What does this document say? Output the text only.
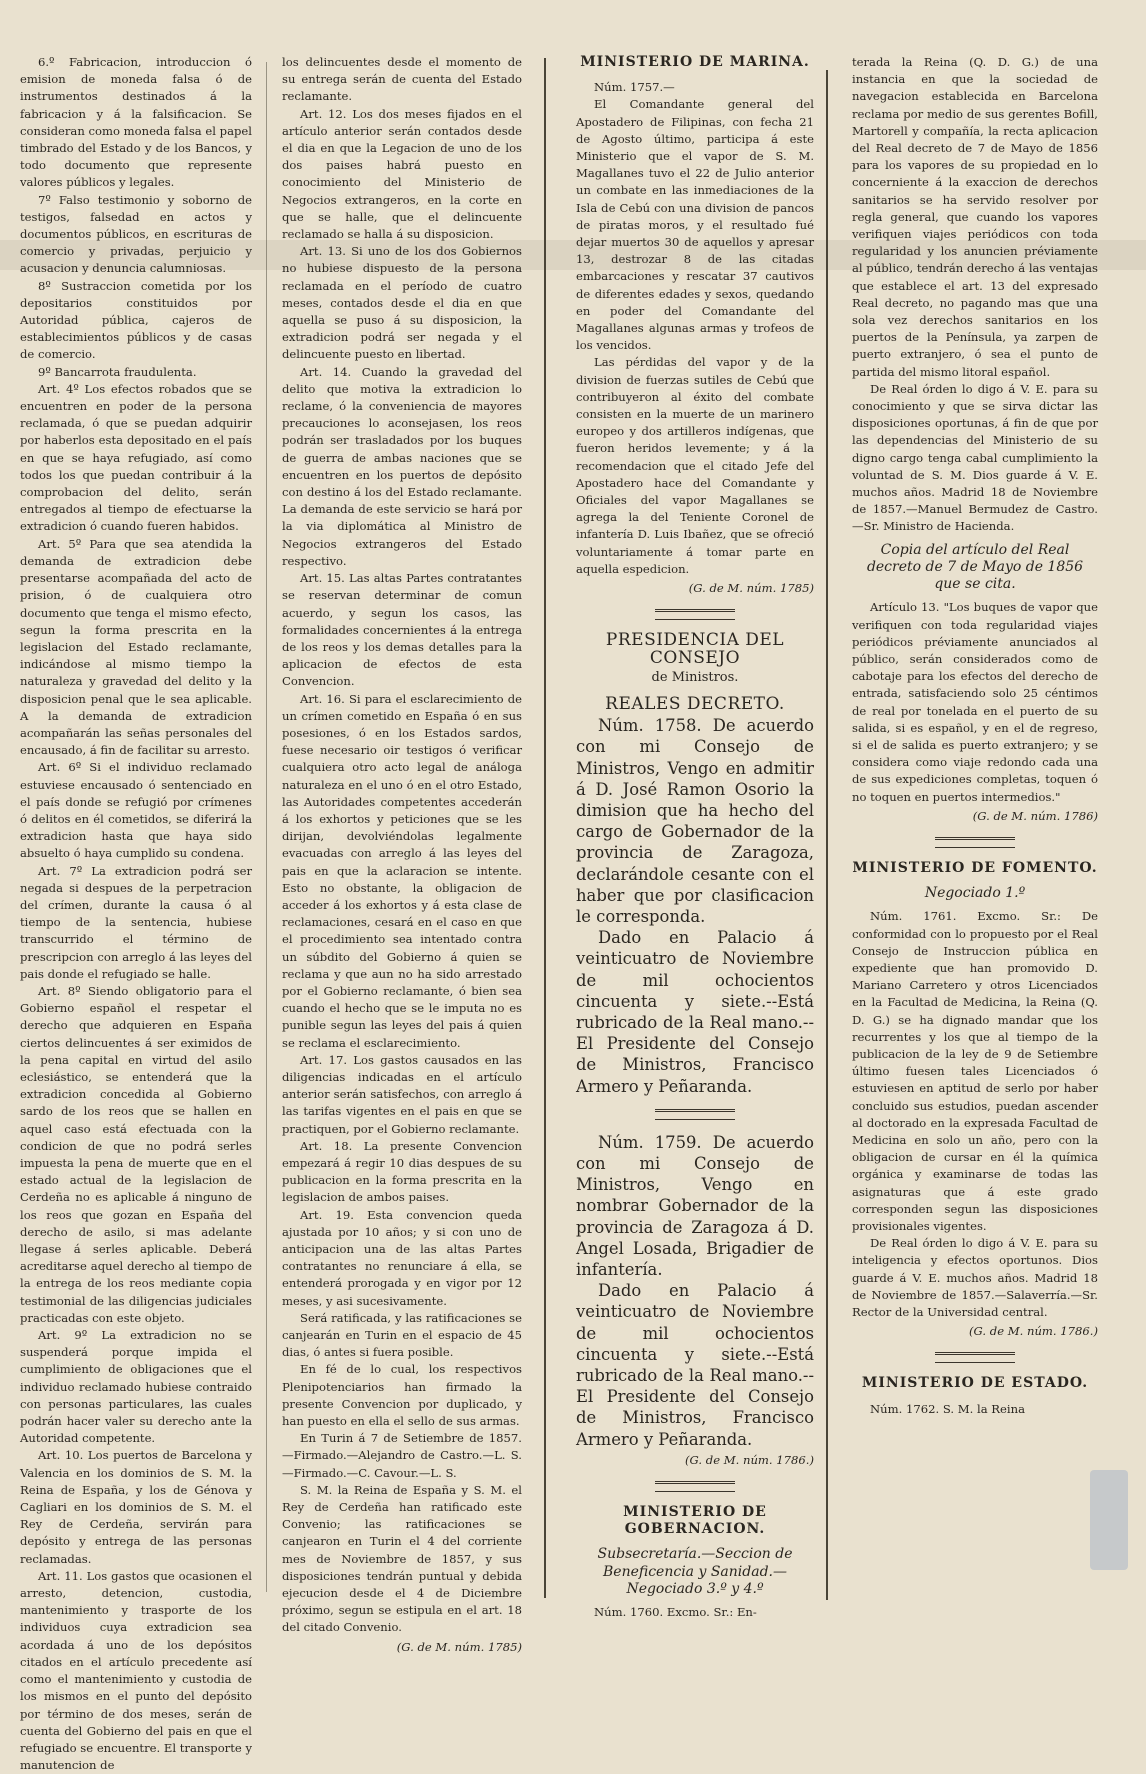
6.º Fabricacion, introduccion ó emision de moneda falsa ó de instrumentos destinados á la fabricacion y á la falsificacion. Se consideran como moneda falsa el papel timbrado del Estado y de los Bancos, y todo documento que represente valores públicos y legales.

7º Falso testimonio y soborno de testigos, falsedad en actos y documentos públicos, en escrituras de comercio y privadas, perjuicio y acusacion y denuncia calumniosas.

8º Sustraccion cometida por los depositarios constituidos por Autoridad pública, cajeros de establecimientos públicos y de casas de comercio.

9º Bancarrota fraudulenta.

Art. 4º Los efectos robados que se encuentren en poder de la persona reclamada, ó que se puedan adquirir por haberlos esta depositado en el país en que se haya refugiado, así como todos los que puedan contribuir á la comprobacion del delito, serán entregados al tiempo de efectuarse la extradicion ó cuando fueren habidos.

Art. 5º Para que sea atendida la demanda de extradicion debe presentarse acompañada del acto de prision, ó de cualquiera otro documento que tenga el mismo efecto, segun la forma prescrita en la legislacion del Estado reclamante, indicándose al mismo tiempo la naturaleza y gravedad del delito y la disposicion penal que le sea aplicable. A la demanda de extradicion acompañarán las señas personales del encausado, á fin de facilitar su arresto.

Art. 6º Si el individuo reclamado estuviese encausado ó sentenciado en el país donde se refugió por crímenes ó delitos en él cometidos, se diferirá la extradicion hasta que haya sido absuelto ó haya cumplido su condena.

Art. 7º La extradicion podrá ser negada si despues de la perpetracion del crímen, durante la causa ó al tiempo de la sentencia, hubiese transcurrido el término de prescripcion con arreglo á las leyes del pais donde el refugiado se halle.

Art. 8º Siendo obligatorio para el Gobierno español el respetar el derecho que adquieren en España ciertos delincuentes á ser eximidos de la pena capital en virtud del asilo eclesiástico, se entenderá que la extradicion concedida al Gobierno sardo de los reos que se hallen en aquel caso está efectuada con la condicion de que no podrá serles impuesta la pena de muerte que en el estado actual de la legislacion de Cerdeña no es aplicable á ninguno de los reos que gozan en España del derecho de asilo, si mas adelante llegase á serles aplicable. Deberá acreditarse aquel derecho al tiempo de la entrega de los reos mediante copia testimonial de las diligencias judiciales practicadas con este objeto.

Art. 9º La extradicion no se suspenderá porque impida el cumplimiento de obligaciones que el individuo reclamado hubiese contraido con personas particulares, las cuales podrán hacer valer su derecho ante la Autoridad competente.

Art. 10. Los puertos de Barcelona y Valencia en los dominios de S. M. la Reina de España, y los de Génova y Cagliari en los dominios de S. M. el Rey de Cerdeña, servirán para depósito y entrega de las personas reclamadas.

Art. 11. Los gastos que ocasionen el arresto, detencion, custodia, mantenimiento y trasporte de los individuos cuya extradicion sea acordada á uno de los depósitos citados en el artículo precedente así como el mantenimiento y custodia de los mismos en el punto del depósito por término de dos meses, serán de cuenta del Gobierno del pais en que el refugiado se encuentre. El transporte y manutencion de

los delincuentes desde el momento de su entrega serán de cuenta del Estado reclamante.

Art. 12. Los dos meses fijados en el artículo anterior serán contados desde el dia en que la Legacion de uno de los dos paises habrá puesto en conocimiento del Ministerio de Negocios extrangeros, en la corte en que se halle, que el delincuente reclamado se halla á su disposicion.

Art. 13. Si uno de los dos Gobiernos no hubiese dispuesto de la persona reclamada en el período de cuatro meses, contados desde el dia en que aquella se puso á su disposicion, la extradicion podrá ser negada y el delincuente puesto en libertad.

Art. 14. Cuando la gravedad del delito que motiva la extradicion lo reclame, ó la conveniencia de mayores precauciones lo aconsejasen, los reos podrán ser trasladados por los buques de guerra de ambas naciones que se encuentren en los puertos de depósito con destino á los del Estado reclamante. La demanda de este servicio se hará por la via diplomática al Ministro de Negocios extrangeros del Estado respectivo.

Art. 15. Las altas Partes contratantes se reservan determinar de comun acuerdo, y segun los casos, las formalidades concernientes á la entrega de los reos y los demas detalles para la aplicacion de efectos de esta Convencion.

Art. 16. Si para el esclarecimiento de un crímen cometido en España ó en sus posesiones, ó en los Estados sardos, fuese necesario oir testigos ó verificar cualquiera otro acto legal de análoga naturaleza en el uno ó en el otro Estado, las Autoridades competentes accederán á los exhortos y peticiones que se les dirijan, devolviéndolas legalmente evacuadas con arreglo á las leyes del pais en que la aclaracion se intente. Esto no obstante, la obligacion de acceder á los exhortos y á esta clase de reclamaciones, cesará en el caso en que el procedimiento sea intentado contra un súbdito del Gobierno á quien se reclama y que aun no ha sido arrestado por el Gobierno reclamante, ó bien sea cuando el hecho que se le imputa no es punible segun las leyes del pais á quien se reclama el esclarecimiento.

Art. 17. Los gastos causados en las diligencias indicadas en el artículo anterior serán satisfechos, con arreglo á las tarifas vigentes en el pais en que se practiquen, por el Gobierno reclamante.

Art. 18. La presente Convencion empezará á regir 10 dias despues de su publicacion en la forma prescrita en la legislacion de ambos paises.

Art. 19. Esta convencion queda ajustada por 10 años; y si con uno de anticipacion una de las altas Partes contratantes no renunciare á ella, se entenderá prorogada y en vigor por 12 meses, y asi sucesivamente.

Será ratificada, y las ratificaciones se canjearán en Turin en el espacio de 45 dias, ó antes si fuera posible.

En fé de lo cual, los respectivos Plenipotenciarios han firmado la presente Convencion por duplicado, y han puesto en ella el sello de sus armas.

En Turin á 7 de Setiembre de 1857.—Firmado.—Alejandro de Castro.—L. S.—Firmado.—C. Cavour.—L. S.

S. M. la Reina de España y S. M. el Rey de Cerdeña han ratificado este Convenio; las ratificaciones se canjearon en Turin el 4 del corriente mes de Noviembre de 1857, y sus disposiciones tendrán puntual y debida ejecucion desde el 4 de Diciembre próximo, segun se estipula en el art. 18 del citado Convenio.

(G. de M. núm. 1785)
MINISTERIO DE MARINA.

Núm. 1757.—

El Comandante general del Apostadero de Filipinas, con fecha 21 de Agosto último, participa á este Ministerio que el vapor de S. M. Magallanes tuvo el 22 de Julio anterior un combate en las inmediaciones de la Isla de Cebú con una division de pancos de piratas moros, y el resultado fué dejar muertos 30 de aquellos y apresar 13, destrozar 8 de las citadas embarcaciones y rescatar 37 cautivos de diferentes edades y sexos, quedando en poder del Comandante del Magallanes algunas armas y trofeos de los vencidos.

Las pérdidas del vapor y de la division de fuerzas sutiles de Cebú que contribuyeron al éxito del combate consisten en la muerte de un marinero europeo y dos artilleros indígenas, que fueron heridos levemente; y á la recomendacion que el citado Jefe del Apostadero hace del Comandante y Oficiales del vapor Magallanes se agrega la del Teniente Coronel de infantería D. Luis Ibañez, que se ofreció voluntariamente á tomar parte en aquella espedicion.

(G. de M. núm. 1785)
PRESIDENCIA DEL CONSEJO
de Ministros.
REALES DECRETO.

Núm. 1758. De acuerdo con mi Consejo de Ministros, Vengo en admitir á D. José Ramon Osorio la dimision que ha hecho del cargo de Gobernador de la provincia de Zaragoza, declarándole cesante con el haber que por clasificacion le corresponda.

Dado en Palacio á veinticuatro de Noviembre de mil ochocientos cincuenta y siete.--Está rubricado de la Real mano.--El Presidente del Consejo de Ministros, Francisco Armero y Peñaranda.

Núm. 1759. De acuerdo con mi Consejo de Ministros, Vengo en nombrar Gobernador de la provincia de Zaragoza á D. Angel Losada, Brigadier de infantería.

Dado en Palacio á veinticuatro de Noviembre de mil ochocientos cincuenta y siete.--Está rubricado de la Real mano.--El Presidente del Consejo de Ministros, Francisco Armero y Peñaranda.

(G. de M. núm. 1786.)
MINISTERIO DE GOBERNACION.
Subsecretaría.—Seccion de Beneficencia y Sanidad.—Negociado 3.º y 4.º

Núm. 1760. Excmo. Sr.: En-

terada la Reina (Q. D. G.) de una instancia en que la sociedad de navegacion establecida en Barcelona reclama por medio de sus gerentes Bofill, Martorell y compañía, la recta aplicacion del Real decreto de 7 de Mayo de 1856 para los vapores de su propiedad en lo concerniente á la exaccion de derechos sanitarios se ha servido resolver por regla general, que cuando los vapores verifiquen viajes periódicos con toda regularidad y los anuncien préviamente al público, tendrán derecho á las ventajas que establece el art. 13 del expresado Real decreto, no pagando mas que una sola vez derechos sanitarios en los puertos de la Península, ya zarpen de puerto extranjero, ó sea el punto de partida del mismo litoral español.

De Real órden lo digo á V. E. para su conocimiento y que se sirva dictar las disposiciones oportunas, á fin de que por las dependencias del Ministerio de su digno cargo tenga cabal cumplimiento la voluntad de S. M. Dios guarde á V. E. muchos años. Madrid 18 de Noviembre de 1857.—Manuel Bermudez de Castro.—Sr. Ministro de Hacienda.

Copia del artículo del Real decreto de 7 de Mayo de 1856 que se cita.

Artículo 13. "Los buques de vapor que verifiquen con toda regularidad viajes periódicos préviamente anunciados al público, serán considerados como de cabotaje para los efectos del derecho de entrada, satisfaciendo solo 25 céntimos de real por tonelada en el puerto de su salida, si es español, y en el de regreso, si el de salida es puerto extranjero; y se considera como viaje redondo cada una de sus expediciones completas, toquen ó no toquen en puertos intermedios."

(G. de M. núm. 1786)
MINISTERIO DE FOMENTO.
Negociado 1.º

Núm. 1761. Excmo. Sr.: De conformidad con lo propuesto por el Real Consejo de Instruccion pública en expediente que han promovido D. Mariano Carretero y otros Licenciados en la Facultad de Medicina, la Reina (Q. D. G.) se ha dignado mandar que los recurrentes y los que al tiempo de la publicacion de la ley de 9 de Setiembre último fuesen tales Licenciados ó estuviesen en aptitud de serlo por haber concluido sus estudios, puedan ascender al doctorado en la expresada Facultad de Medicina en solo un año, pero con la obligacion de cursar en él la química orgánica y examinarse de todas las asignaturas que á este grado corresponden segun las disposiciones provisionales vigentes.

De Real órden lo digo á V. E. para su inteligencia y efectos oportunos. Dios guarde á V. E. muchos años. Madrid 18 de Noviembre de 1857.—Salaverría.—Sr. Rector de la Universidad central.

(G. de M. núm. 1786.)
MINISTERIO DE ESTADO.

Núm. 1762. S. M. la Reina
